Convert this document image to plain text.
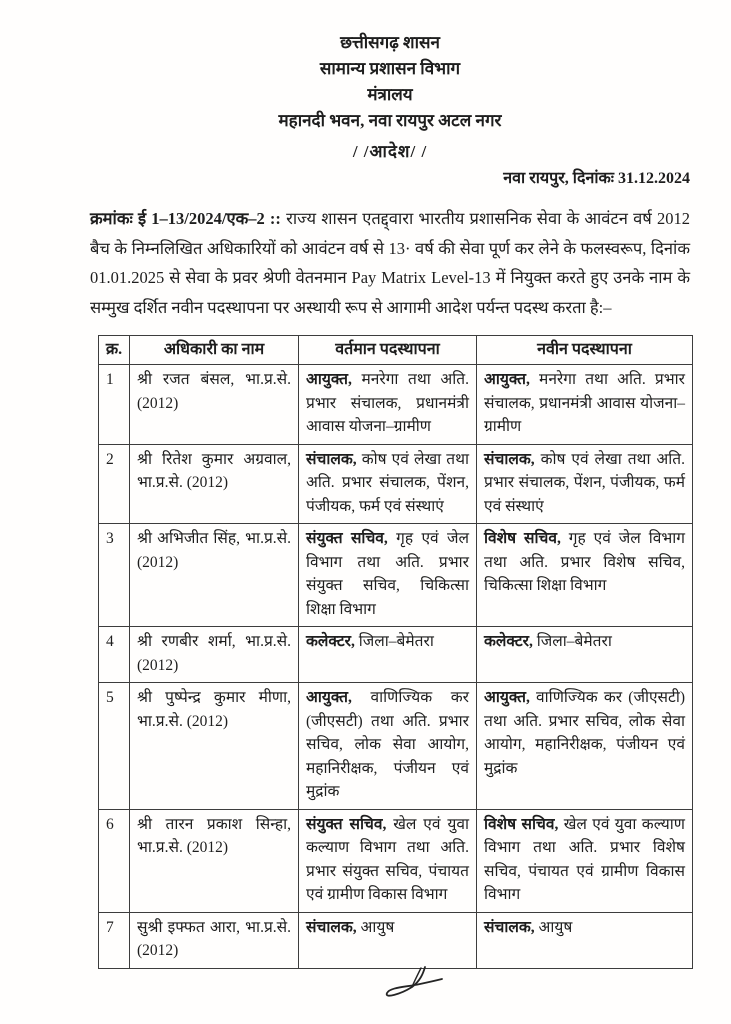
छत्तीसगढ़ शासन
सामान्य प्रशासन विभाग
मंत्रालय
महानदी भवन, नवा रायपुर अटल नगर
/ /आदेश/ /
नवा रायपुर, दिनांकः 31.12.2024
क्रमांकः ई 1–13/2024/एक–2 :: राज्य शासन एतद्द्वारा भारतीय प्रशासनिक सेवा के आवंटन वर्ष 2012 बैच के निम्नलिखित अधिकारियों को आवंटन वर्ष से 13· वर्ष की सेवा पूर्ण कर लेने के फलस्वरूप, दिनांक 01.01.2025 से सेवा के प्रवर श्रेणी वेतनमान Pay Matrix Level-13 में नियुक्त करते हुए उनके नाम के सम्मुख दर्शित नवीन पदस्थापना पर अस्थायी रूप से आगामी आदेश पर्यन्त पदस्थ करता है:–
क्र.	अधिकारी का नाम	वर्तमान पदस्थापना	नवीन पदस्थापना
1	श्री रजत बंसल, भा.प्र.से. (2012)	आयुक्त, मनरेगा तथा अति. प्रभार संचालक, प्रधानमंत्री आवास योजना–ग्रामीण	आयुक्त, मनरेगा तथा अति. प्रभार संचालक, प्रधानमंत्री आवास योजना–ग्रामीण
2	श्री रितेश कुमार अग्रवाल, भा.प्र.से. (2012)	संचालक, कोष एवं लेखा तथा अति. प्रभार संचालक, पेंशन, पंजीयक, फर्म एवं संस्थाएं	संचालक, कोष एवं लेखा तथा अति. प्रभार संचालक, पेंशन, पंजीयक, फर्म एवं संस्थाएं
3	श्री अभिजीत सिंह, भा.प्र.से. (2012)	संयुक्त सचिव, गृह एवं जेल विभाग तथा अति. प्रभार संयुक्त सचिव, चिकित्सा शिक्षा विभाग	विशेष सचिव, गृह एवं जेल विभाग तथा अति. प्रभार विशेष सचिव, चिकित्सा शिक्षा विभाग
4	श्री रणबीर शर्मा, भा.प्र.से. (2012)	कलेक्टर, जिला–बेमेतरा	कलेक्टर, जिला–बेमेतरा
5	श्री पुष्पेन्द्र कुमार मीणा, भा.प्र.से. (2012)	आयुक्त, वाणिज्यिक कर (जीएसटी) तथा अति. प्रभार सचिव, लोक सेवा आयोग, महानिरीक्षक, पंजीयन एवं मुद्रांक	आयुक्त, वाणिज्यिक कर (जीएसटी) तथा अति. प्रभार सचिव, लोक सेवा आयोग, महानिरीक्षक, पंजीयन एवं मुद्रांक
6	श्री तारन प्रकाश सिन्हा, भा.प्र.से. (2012)	संयुक्त सचिव, खेल एवं युवा कल्याण विभाग तथा अति. प्रभार संयुक्त सचिव, पंचायत एवं ग्रामीण विकास विभाग	विशेष सचिव, खेल एवं युवा कल्याण विभाग तथा अति. प्रभार विशेष सचिव, पंचायत एवं ग्रामीण विकास विभाग
7	सुश्री इफ्फत आरा, भा.प्र.से. (2012)	संचालक, आयुष	संचालक, आयुष
